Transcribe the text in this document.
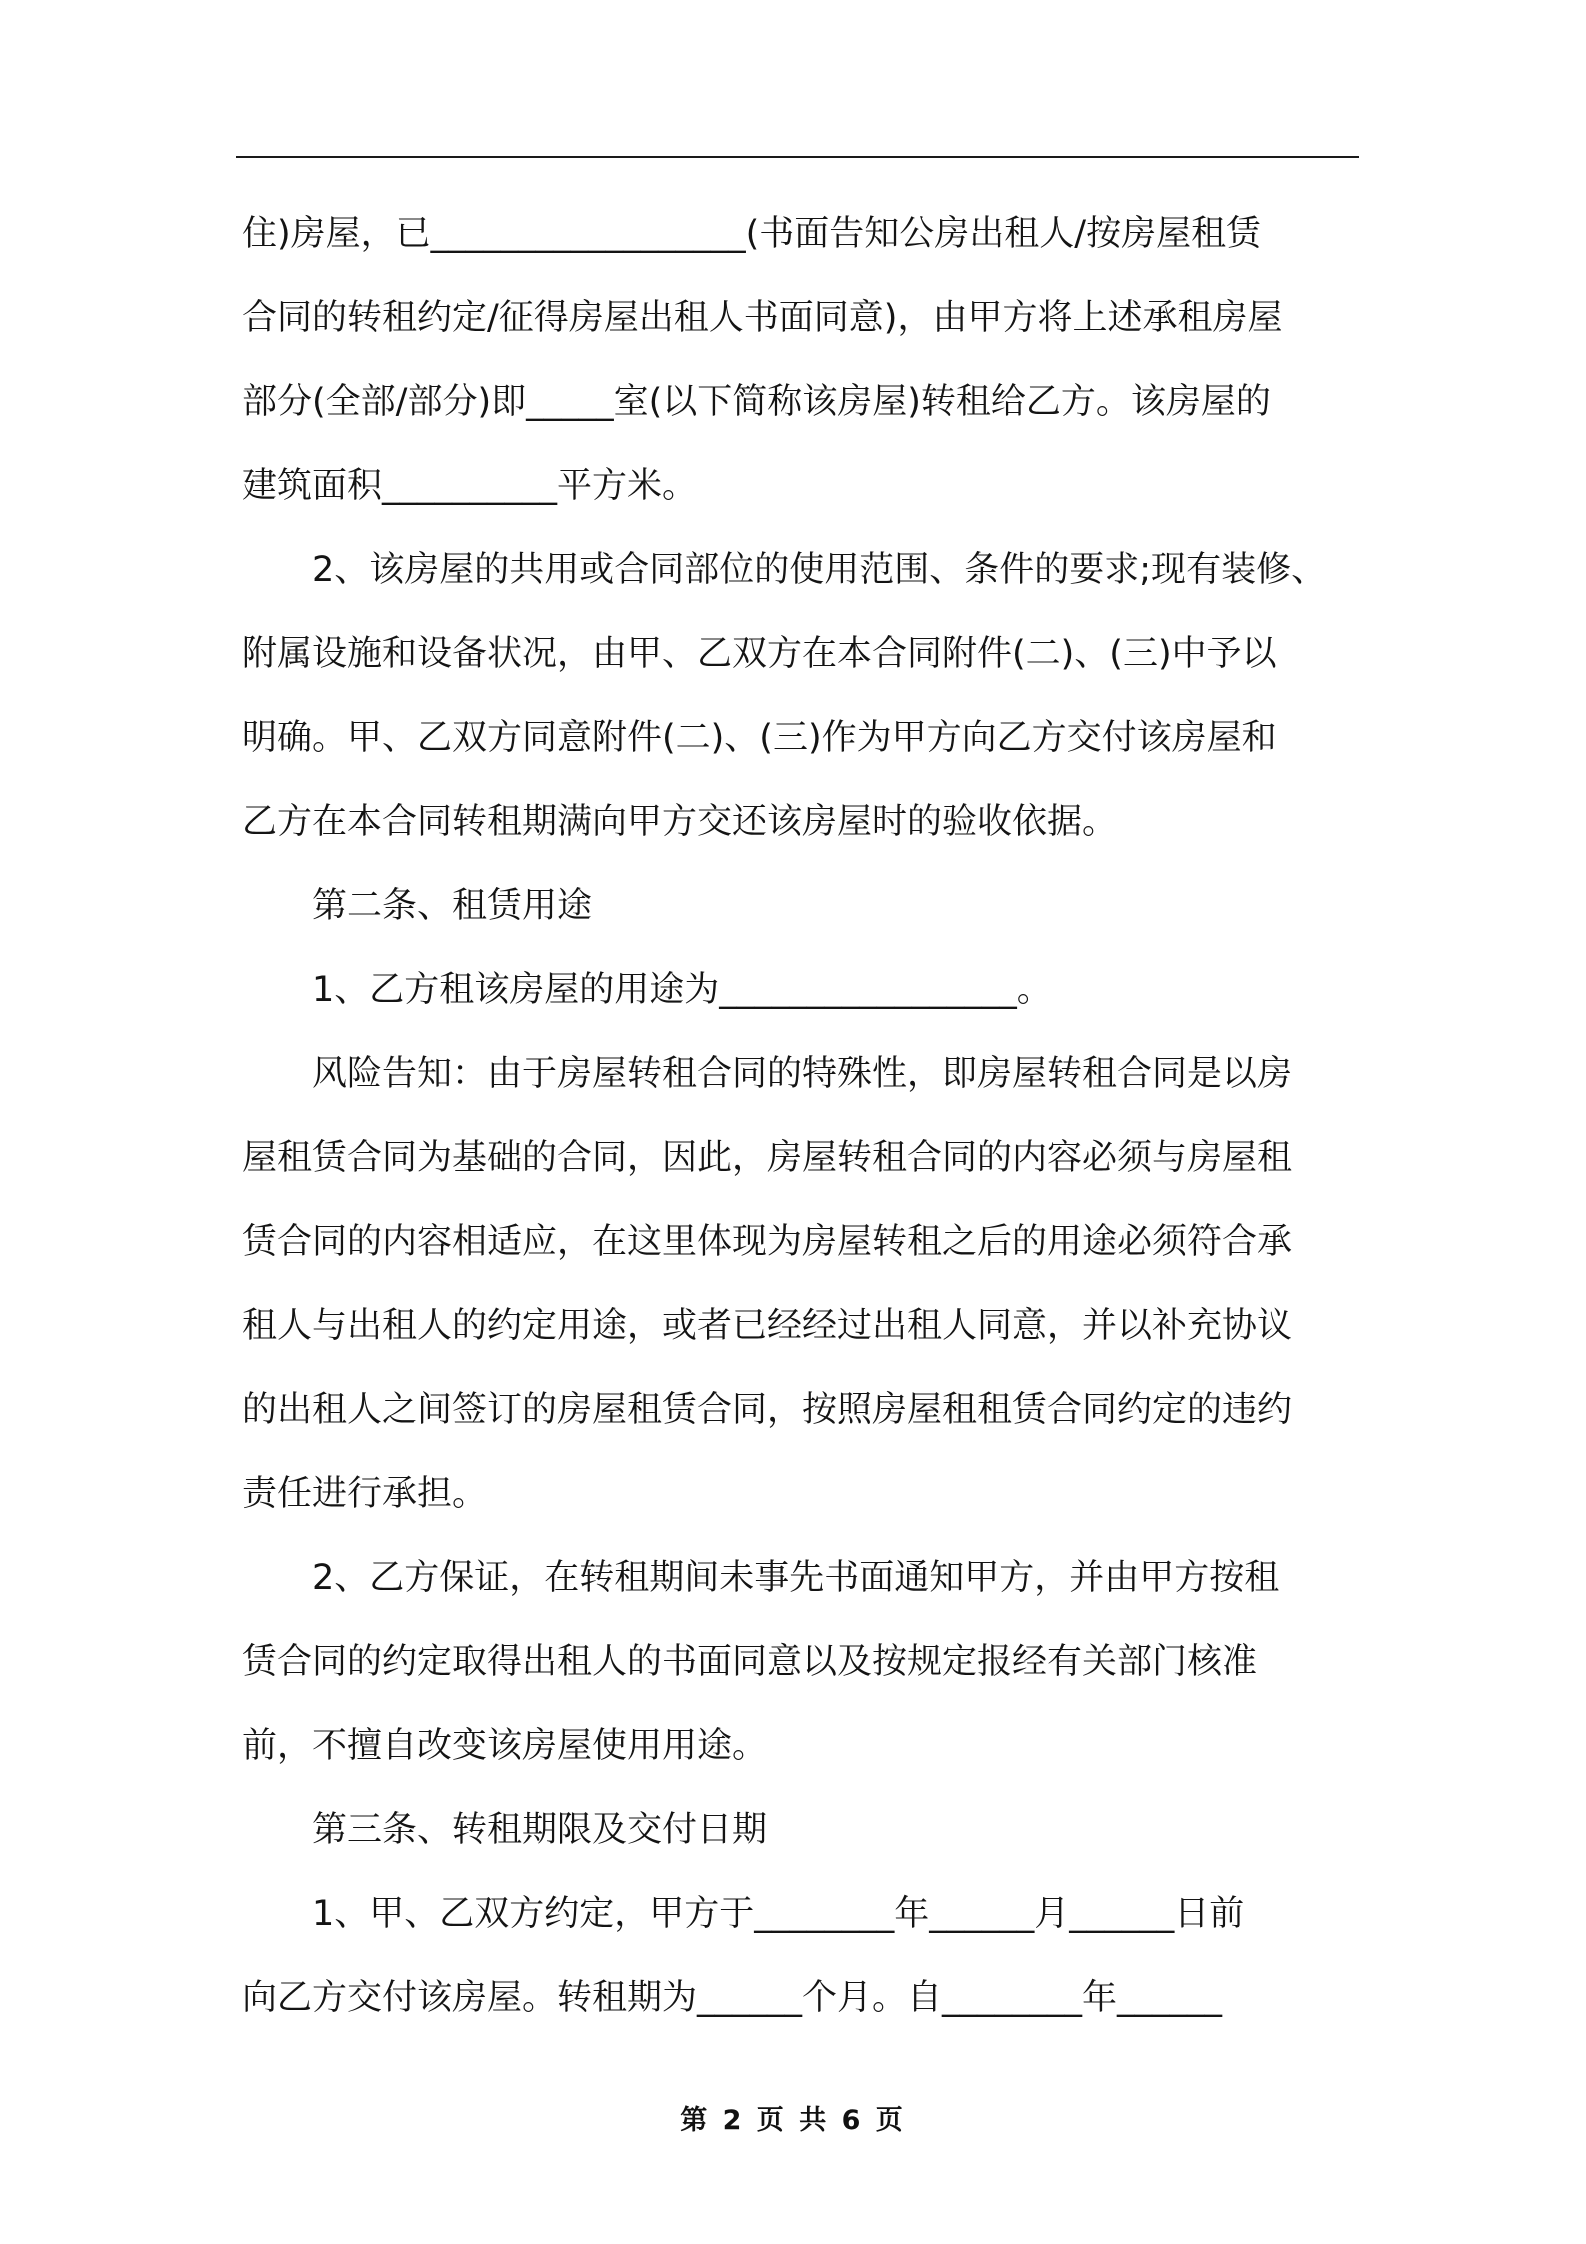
住)房屋，已__________________(书面告知公房出租人/按房屋租赁

合同的转租约定/征得房屋出租人书面同意)，由甲方将上述承租房屋

部分(全部/部分)即_____室(以下简称该房屋)转租给乙方。该房屋的

建筑面积__________平方米。

　　2、该房屋的共用或合同部位的使用范围、条件的要求;现有装修、

附属设施和设备状况，由甲、乙双方在本合同附件(二)、(三)中予以

明确。甲、乙双方同意附件(二)、(三)作为甲方向乙方交付该房屋和

乙方在本合同转租期满向甲方交还该房屋时的验收依据。

　　第二条、租赁用途

　　1、乙方租该房屋的用途为_________________。

　　风险告知：由于房屋转租合同的特殊性，即房屋转租合同是以房

屋租赁合同为基础的合同，因此，房屋转租合同的内容必须与房屋租

赁合同的内容相适应，在这里体现为房屋转租之后的用途必须符合承

租人与出租人的约定用途，或者已经经过出租人同意，并以补充协议

的出租人之间签订的房屋租赁合同，按照房屋租租赁合同约定的违约

责任进行承担。

　　2、乙方保证，在转租期间未事先书面通知甲方，并由甲方按租

赁合同的约定取得出租人的书面同意以及按规定报经有关部门核准

前，不擅自改变该房屋使用用途。

　　第三条、转租期限及交付日期

　　1、甲、乙双方约定，甲方于________年______月______日前

向乙方交付该房屋。转租期为______个月。自________年______

第 2 页 共 6 页
